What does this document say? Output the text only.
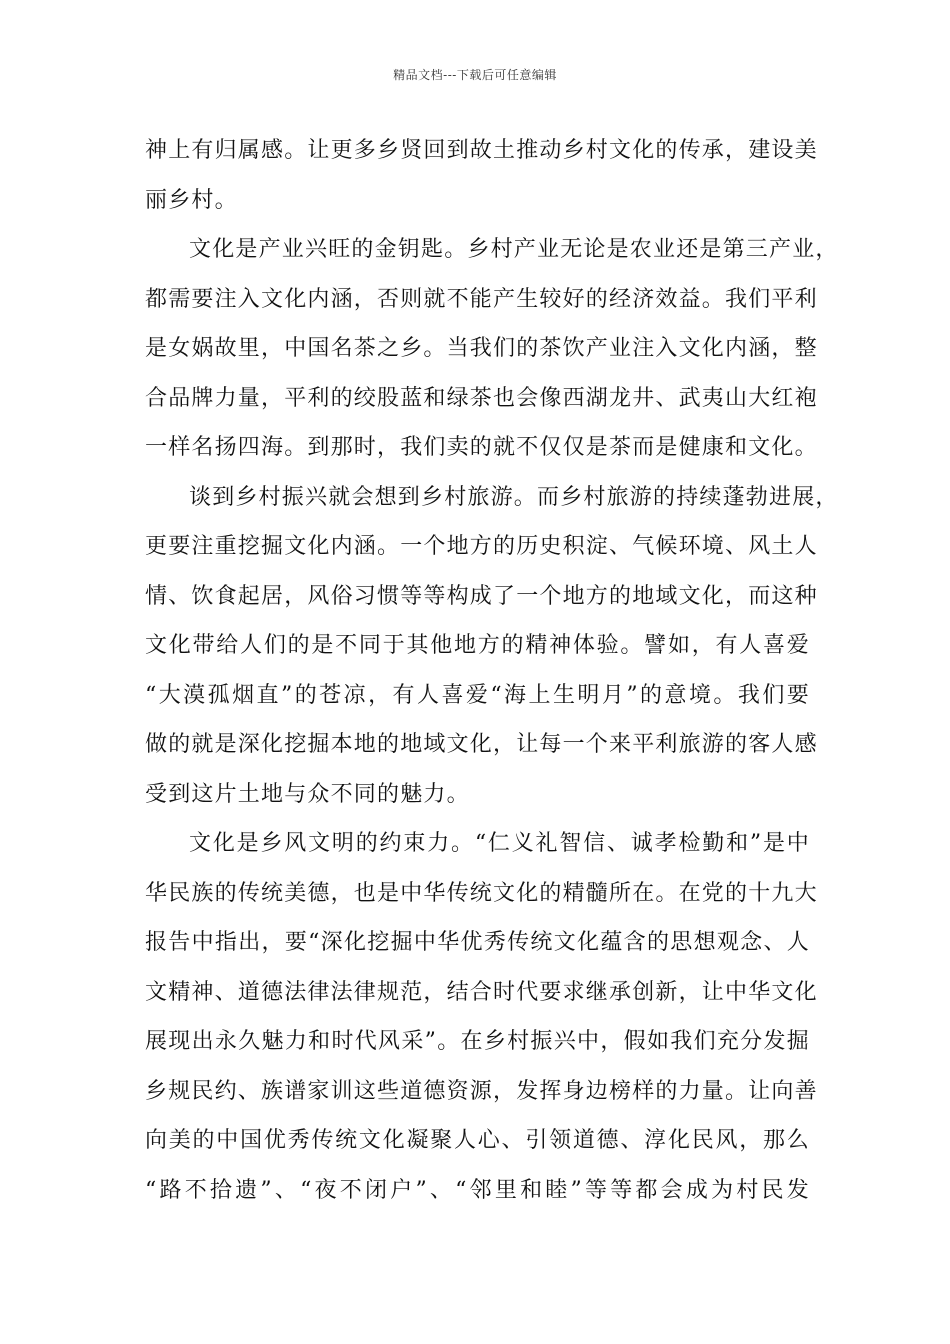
精品文档---下载后可任意编辑
神上有归属感。让更多乡贤回到故土推动乡村文化的传承，建设美
丽乡村。
文化是产业兴旺的金钥匙。乡村产业无论是农业还是第三产业，
都需要注入文化内涵，否则就不能产生较好的经济效益。我们平利
是女娲故里，中国名茶之乡。当我们的茶饮产业注入文化内涵，整
合品牌力量，平利的绞股蓝和绿茶也会像西湖龙井、武夷山大红袍
一样名扬四海。到那时，我们卖的就不仅仅是茶而是健康和文化。
谈到乡村振兴就会想到乡村旅游。而乡村旅游的持续蓬勃进展，
更要注重挖掘文化内涵。一个地方的历史积淀、气候环境、风土人
情、饮食起居，风俗习惯等等构成了一个地方的地域文化，而这种
文化带给人们的是不同于其他地方的精神体验。譬如，有人喜爱
“大漠孤烟直”的苍凉，有人喜爱“海上生明月”的意境。我们要
做的就是深化挖掘本地的地域文化，让每一个来平利旅游的客人感
受到这片土地与众不同的魅力。
文化是乡风文明的约束力。“仁义礼智信、诚孝检勤和”是中
华民族的传统美德，也是中华传统文化的精髓所在。在党的十九大
报告中指出，要“深化挖掘中华优秀传统文化蕴含的思想观念、人
文精神、道德法律法律规范，结合时代要求继承创新，让中华文化
展现出永久魅力和时代风采”。在乡村振兴中，假如我们充分发掘
乡规民约、族谱家训这些道德资源，发挥身边榜样的力量。让向善
向美的中国优秀传统文化凝聚人心、引领道德、淳化民风，那么
“路不拾遗”、“夜不闭户”、“邻里和睦”等等都会成为村民发
